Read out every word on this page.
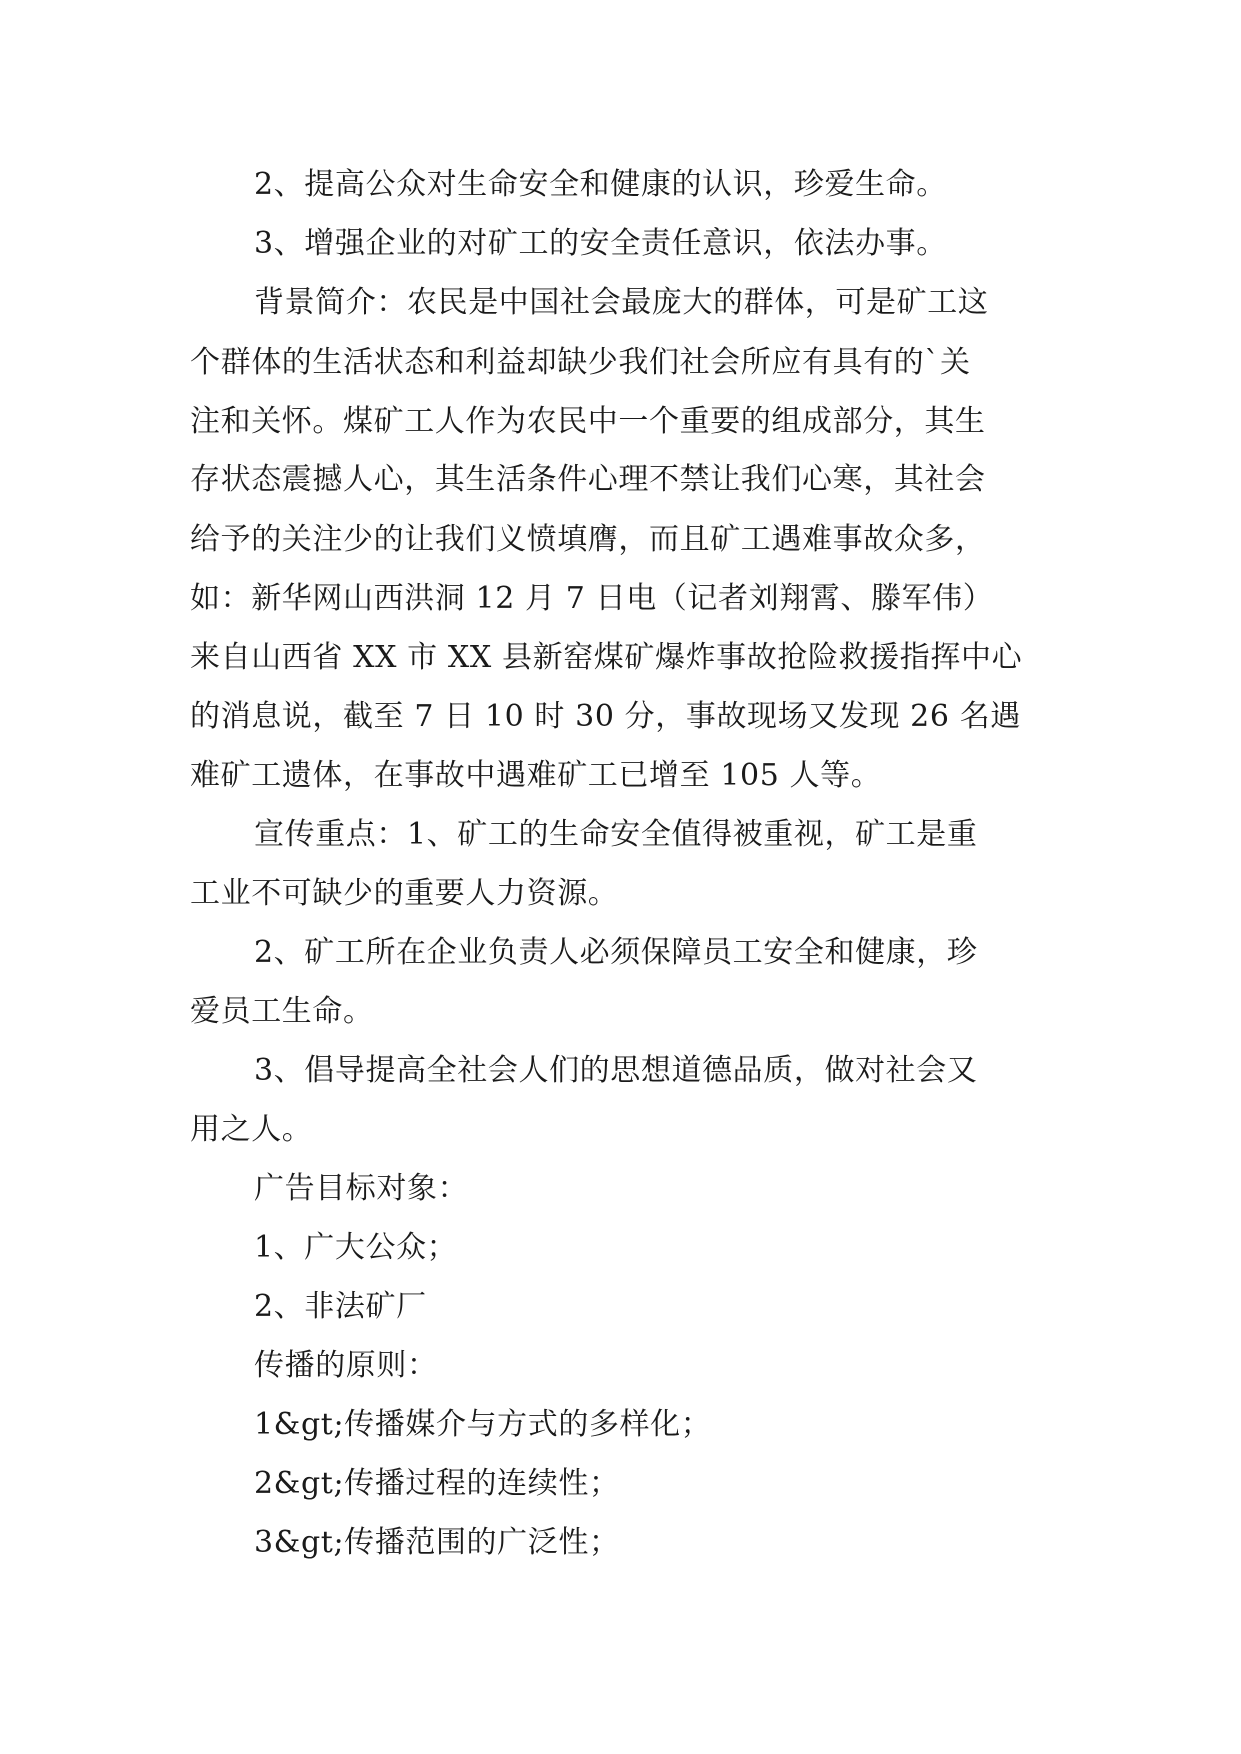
2、提高公众对生命安全和健康的认识，珍爱生命。
3、增强企业的对矿工的安全责任意识，依法办事。
背景简介：农民是中国社会最庞大的群体，可是矿工这
个群体的生活状态和利益却缺少我们社会所应有具有的`关
注和关怀。煤矿工人作为农民中一个重要的组成部分，其生
存状态震撼人心，其生活条件心理不禁让我们心寒，其社会
给予的关注少的让我们义愤填膺，而且矿工遇难事故众多，
如：新华网山西洪洞 12 月 7 日电（记者刘翔霄、滕军伟）
来自山西省 XX 市 XX 县新窑煤矿爆炸事故抢险救援指挥中心
的消息说，截至 7 日 10 时 30 分，事故现场又发现 26 名遇
难矿工遗体，在事故中遇难矿工已增至 105 人等。
宣传重点：1、矿工的生命安全值得被重视，矿工是重
工业不可缺少的重要人力资源。
2、矿工所在企业负责人必须保障员工安全和健康，珍
爱员工生命。
3、倡导提高全社会人们的思想道德品质，做对社会又
用之人。
广告目标对象：
1、广大公众；
2、非法矿厂
传播的原则：
1&gt;传播媒介与方式的多样化；
2&gt;传播过程的连续性；
3&gt;传播范围的广泛性；
